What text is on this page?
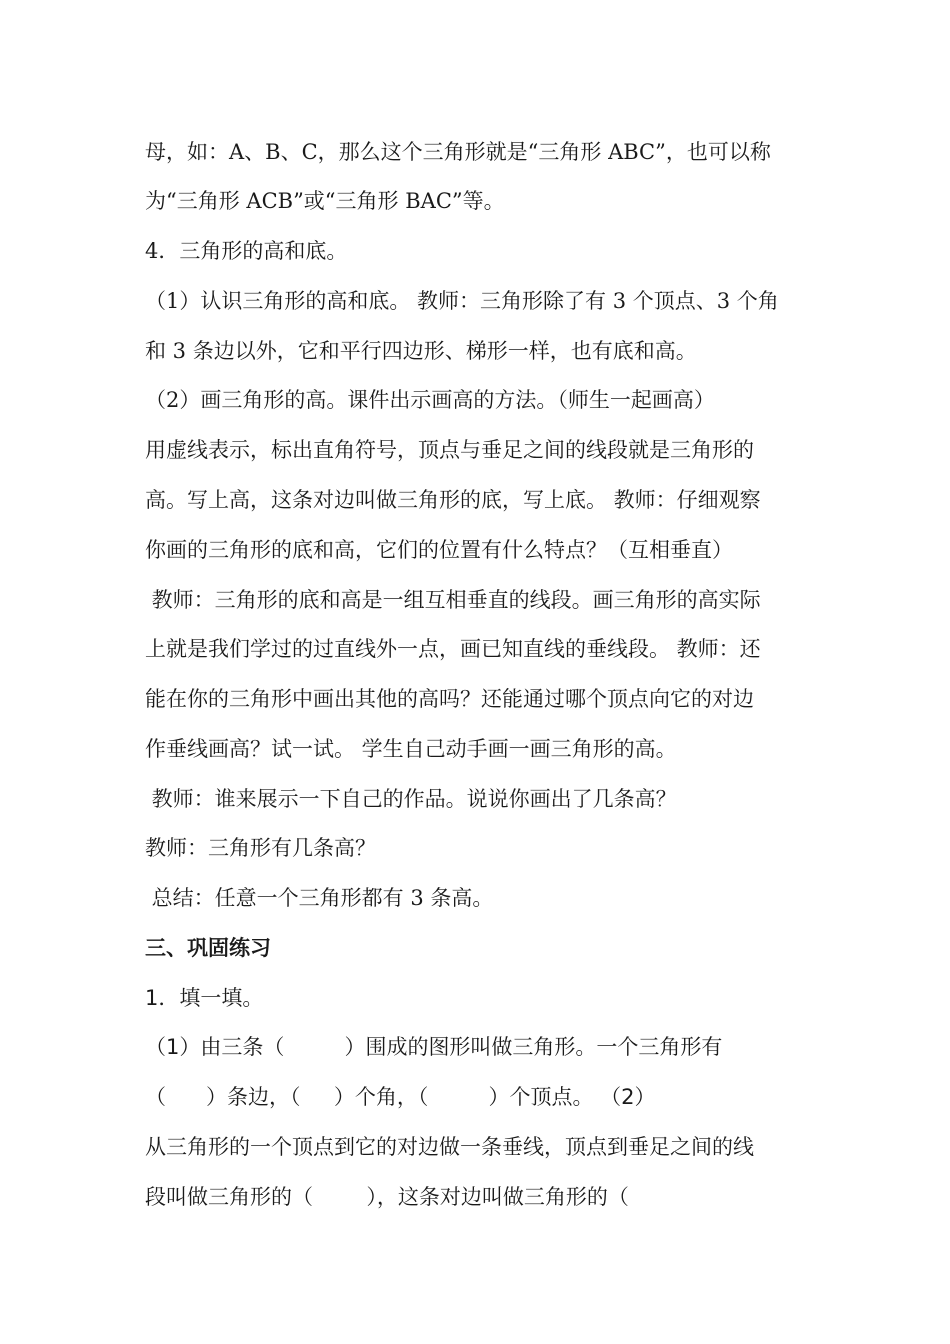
母，如：A、B、C，那么这个三角形就是“三角形 ABC”，也可以称
为“三角形 ACB”或“三角形 BAC”等。
4．三角形的高和底。
（1）认识三角形的高和底。 教师：三角形除了有 3 个顶点、3 个角
和 3 条边以外，它和平行四边形、梯形一样，也有底和高。
（2）画三角形的高。课件出示画高的方法。（师生一起画高）
用虚线表示，标出直角符号，顶点与垂足之间的线段就是三角形的
高。写上高，这条对边叫做三角形的底，写上底。 教师：仔细观察
你画的三角形的底和高，它们的位置有什么特点？（互相垂直）
教师：三角形的底和高是一组互相垂直的线段。画三角形的高实际
上就是我们学过的过直线外一点，画已知直线的垂线段。 教师：还
能在你的三角形中画出其他的高吗？还能通过哪个顶点向它的对边
作垂线画高？试一试。 学生自己动手画一画三角形的高。
教师：谁来展示一下自己的作品。说说你画出了几条高？
教师：三角形有几条高？
总结：任意一个三角形都有 3 条高。
三、巩固练习
1．填一填。
（1）由三条（         ）围成的图形叫做三角形。一个三角形有
（      ）条边，（     ）个角，（         ）个顶点。 （2）
从三角形的一个顶点到它的对边做一条垂线，顶点到垂足之间的线
段叫做三角形的（        ），这条对边叫做三角形的（
